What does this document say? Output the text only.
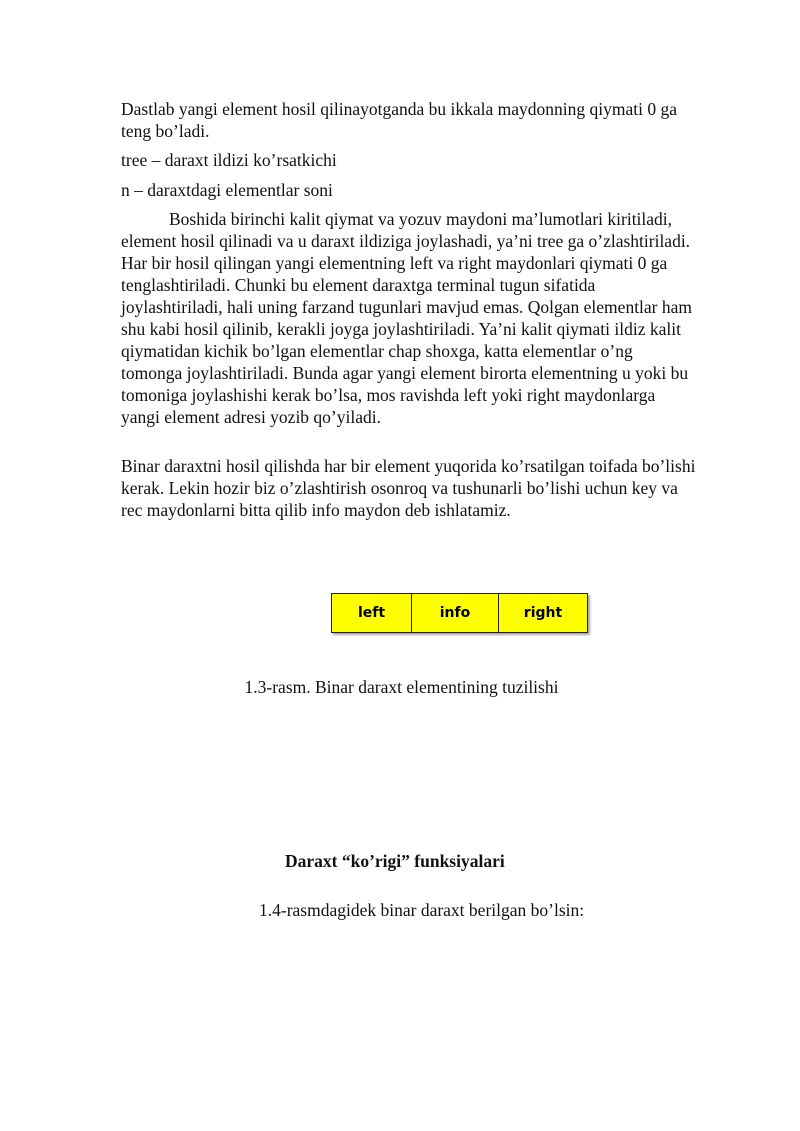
Dastlab yangi element hosil qilinayotganda bu ikkala maydonning qiymati 0 ga teng bo’ladi.

tree – daraxt ildizi ko’rsatkichi

n – daraxtdagi elementlar soni

Boshida birinchi kalit qiymat va yozuv maydoni ma’lumotlari kiritiladi, element hosil qilinadi va u daraxt ildiziga joylashadi, ya’ni tree ga o’zlashtiriladi. Har bir hosil qilingan yangi elementning left va right maydonlari qiymati 0 ga tenglashtiriladi. Chunki bu element daraxtga terminal tugun sifatida joylashtiriladi, hali uning farzand tugunlari mavjud emas. Qolgan elementlar ham shu kabi hosil qilinib, kerakli joyga joylashtiriladi. Ya’ni kalit qiymati ildiz kalit qiymatidan kichik bo’lgan elementlar chap shoxga, katta elementlar o’ng tomonga joylashtiriladi. Bunda agar yangi element birorta elementning u yoki bu tomoniga joylashishi kerak bo’lsa, mos ravishda left yoki right maydonlarga yangi element adresi yozib qo’yiladi.

Binar daraxtni hosil qilishda har bir element yuqorida ko’rsatilgan toifada bo’lishi kerak. Lekin hozir biz o’zlashtirish osonroq va tushunarli bo’lishi uchun key va rec maydonlarni bitta qilib info maydon deb ishlatamiz.

left	info	right

1.3-rasm. Binar daraxt elementining tuzilishi

Daraxt “ko’rigi” funksiyalari

1.4-rasmdagidek binar daraxt berilgan bo’lsin:
